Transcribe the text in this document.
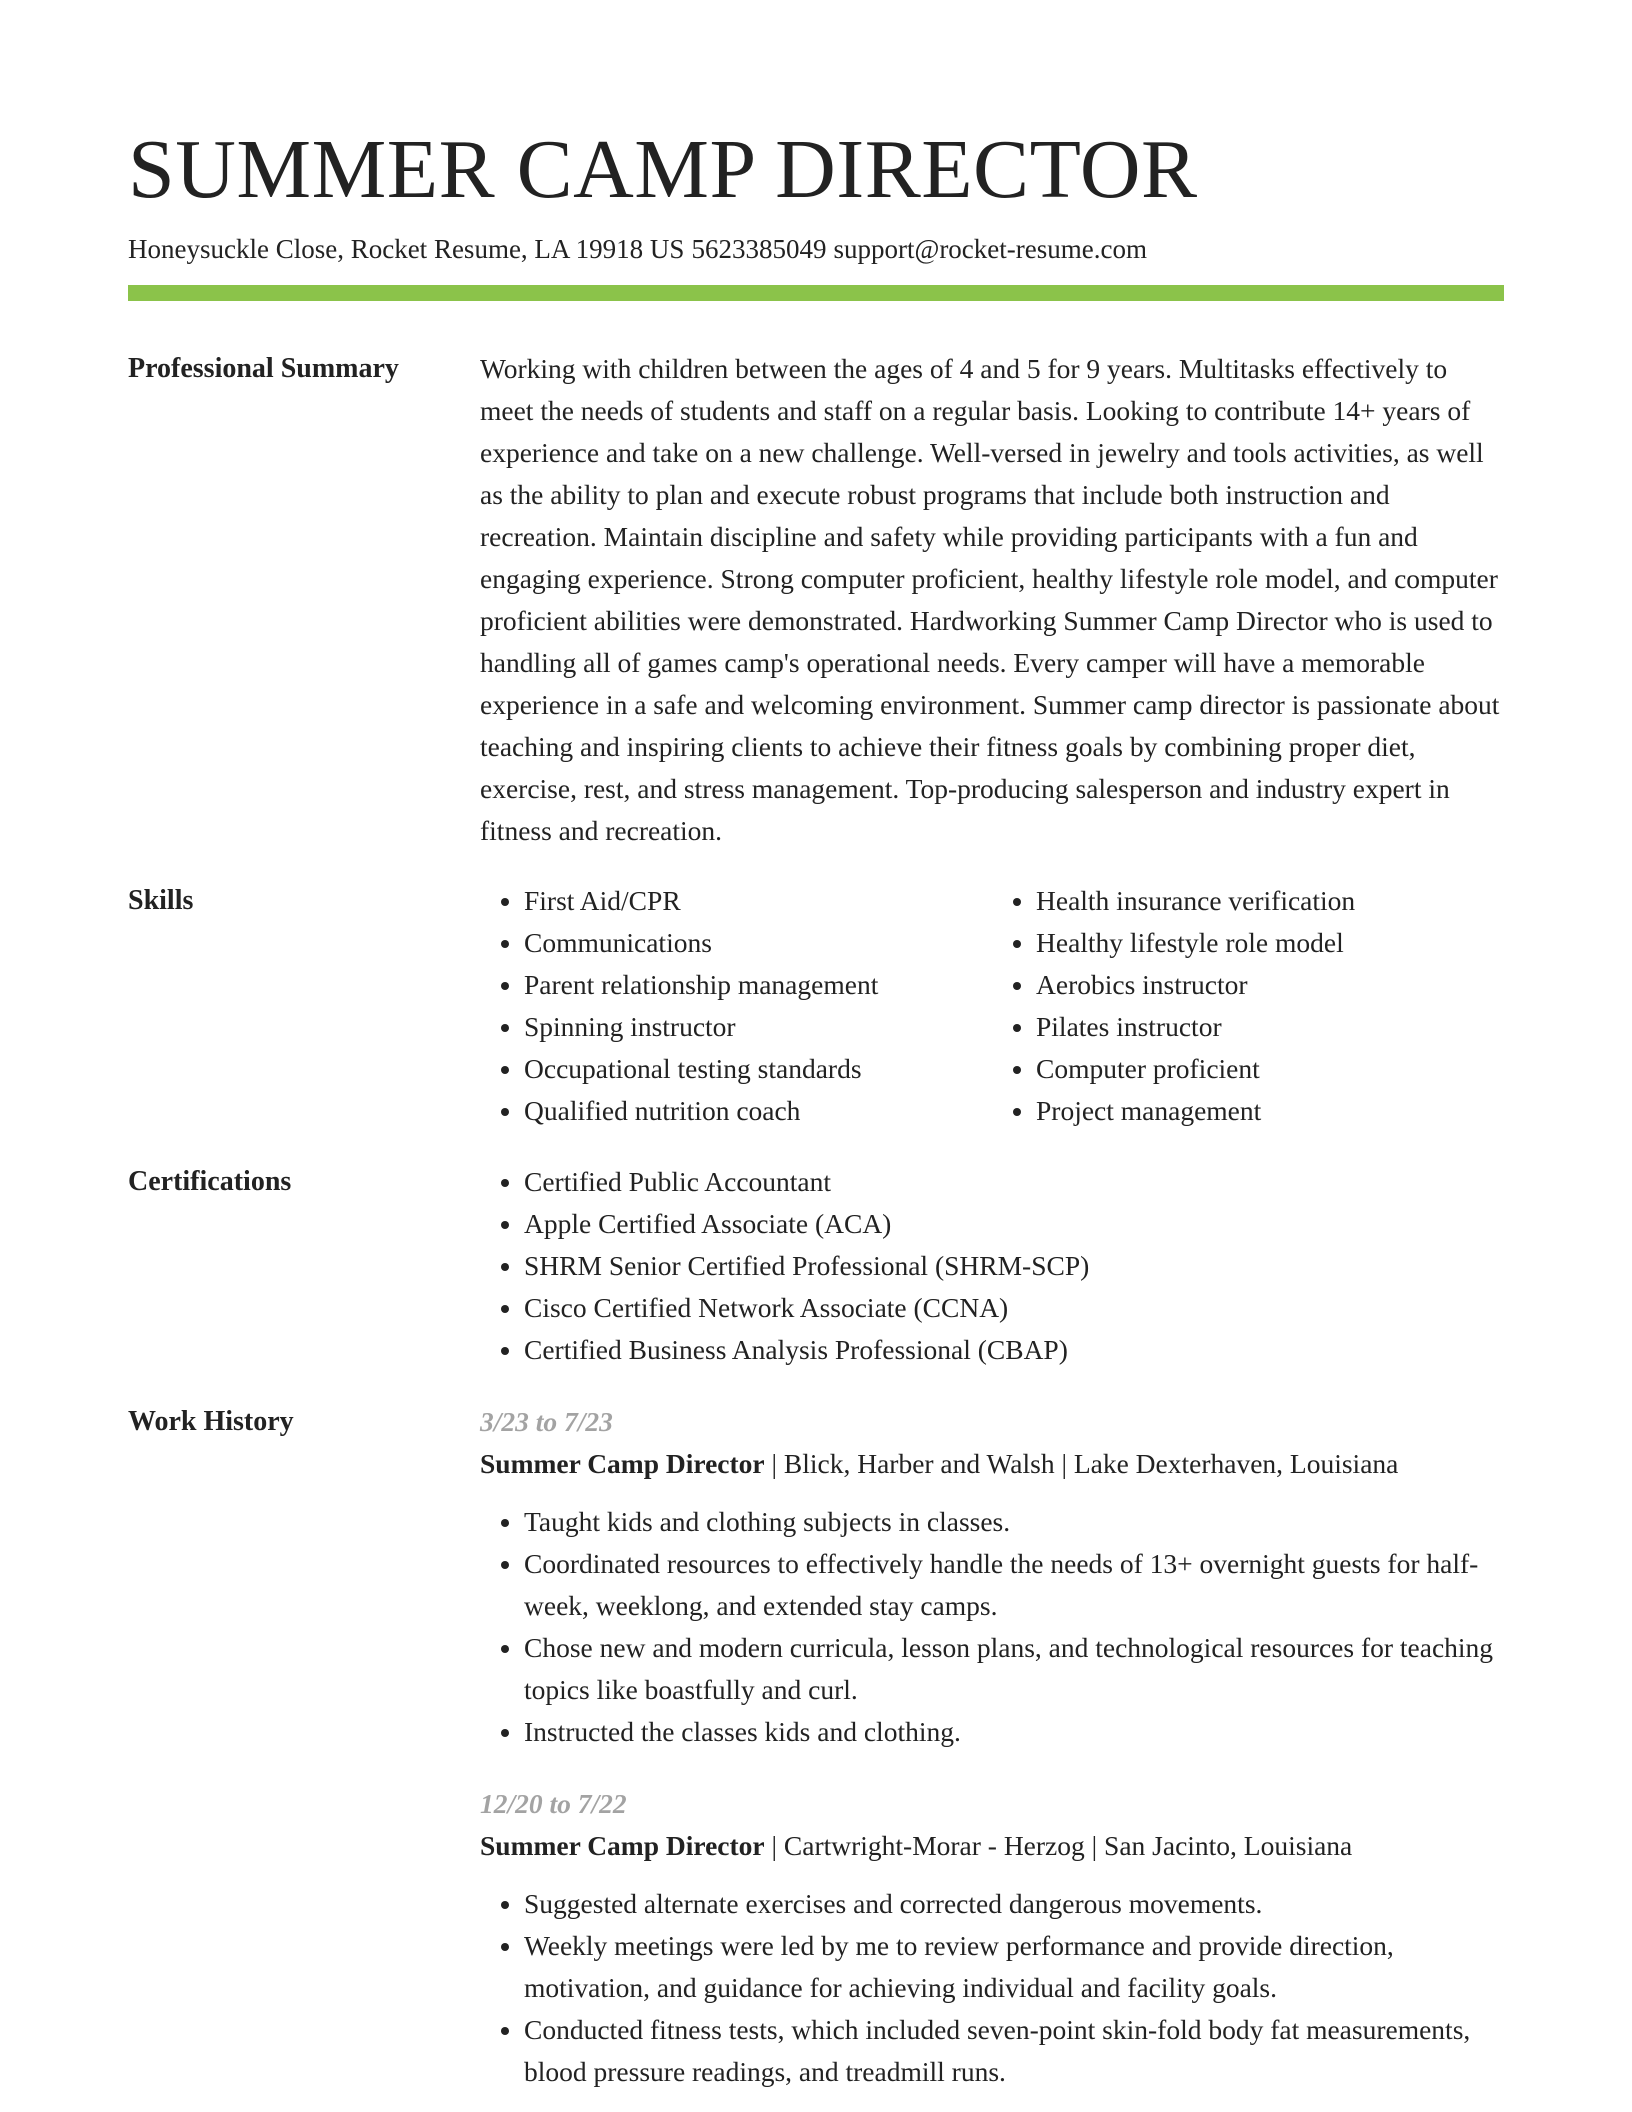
SUMMER CAMP DIRECTOR
Honeysuckle Close, Rocket Resume, LA 19918 US 5623385049 support@rocket-resume.com
Professional Summary	Working with children between the ages of 4 and 5 for 9 years. Multitasks effectively to meet the needs of students and staff on a regular basis. Looking to contribute 14+ years of experience and take on a new challenge. Well-versed in jewelry and tools activities, as well as the ability to plan and execute robust programs that include both instruction and recreation. Maintain discipline and safety while providing participants with a fun and engaging experience. Strong computer proficient, healthy lifestyle role model, and computer proficient abilities were demonstrated. Hardworking Summer Camp Director who is used to handling all of games camp's operational needs. Every camper will have a memorable experience in a safe and welcoming environment. Summer camp director is passionate about teaching and inspiring clients to achieve their fitness goals by combining proper diet, exercise, rest, and stress management. Top-producing salesperson and industry expert in fitness and recreation.

Skills	• First Aid/CPR
• Communications
• Parent relationship management
• Spinning instructor
• Occupational testing standards
• Qualified nutrition coach
• Health insurance verification
• Healthy lifestyle role model
• Aerobics instructor
• Pilates instructor
• Computer proficient
• Project management
Certifications	• Certified Public Accountant
• Apple Certified Associate (ACA)
• SHRM Senior Certified Professional (SHRM-SCP)
• Cisco Certified Network Associate (CCNA)
• Certified Business Analysis Professional (CBAP)
Work History	3/23 to 7/23

Summer Camp Director | Blick, Harber and Walsh | Lake Dexterhaven, Louisiana

• Taught kids and clothing subjects in classes.
• Coordinated resources to effectively handle the needs of 13+ overnight guests for half-week, weeklong, and extended stay camps.
• Chose new and modern curricula, lesson plans, and technological resources for teaching topics like boastfully and curl.
• Instructed the classes kids and clothing.

12/20 to 7/22

Summer Camp Director | Cartwright-Morar - Herzog | San Jacinto, Louisiana

• Suggested alternate exercises and corrected dangerous movements.
• Weekly meetings were led by me to review performance and provide direction, motivation, and guidance for achieving individual and facility goals.
• Conducted fitness tests, which included seven-point skin-fold body fat measurements, blood pressure readings, and treadmill runs.
